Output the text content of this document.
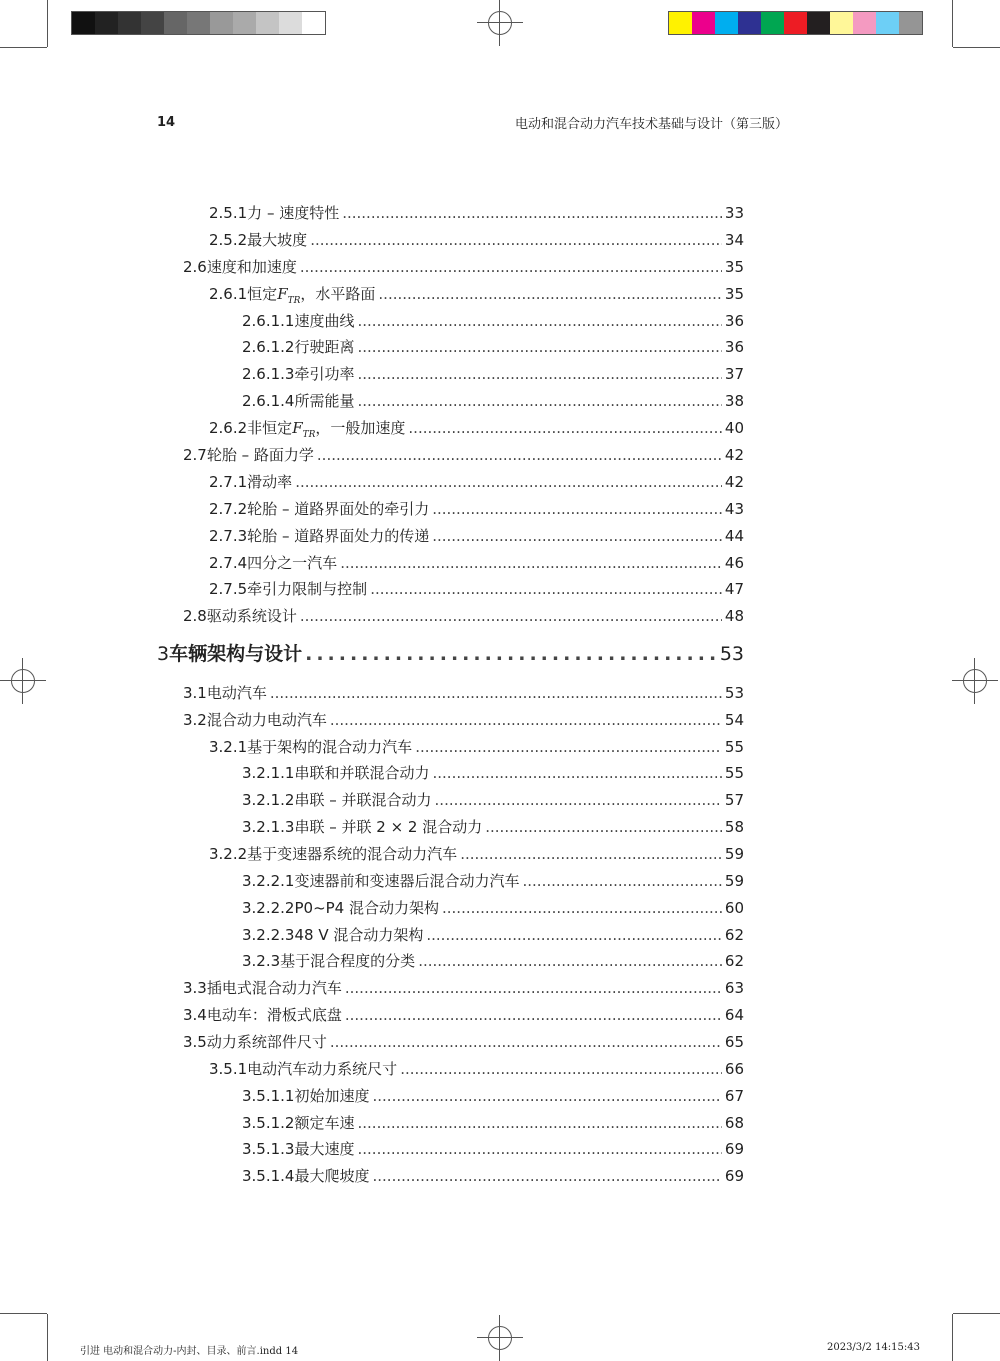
14	电动和混合动力汽车技术基础与设计（第三版）
2.5.1 力 – 速度特性 .....	33
2.5.2 最大坡度 .....	34
2.6 速度和加速度 .....	35
2.6.1 恒定$F_{TR}$，水平路面 .....	35
2.6.1.1 速度曲线 .....	36
2.6.1.2 行驶距离 .....	36
2.6.1.3 牵引功率 .....	37
2.6.1.4 所需能量 .....	38
2.6.2 非恒定$F_{TR}$，一般加速度 .....	40
2.7 轮胎 – 路面力学 .....	42
2.7.1 滑动率 .....	42
2.7.2 轮胎 – 道路界面处的牵引力 .....	43
2.7.3 轮胎 – 道路界面处力的传递 .....	44
2.7.4 四分之一汽车 .....	46
2.7.5 牵引力限制与控制 .....	47
2.8 驱动系统设计 .....	48
3 车辆架构与设计 .....	53
3.1 电动汽车 .....	53
3.2 混合动力电动汽车 .....	54
3.2.1 基于架构的混合动力汽车 .....	55
3.2.1.1 串联和并联混合动力 .....	55
3.2.1.2 串联 – 并联混合动力 .....	57
3.2.1.3 串联 – 并联 2 × 2 混合动力 .....	58
3.2.2 基于变速器系统的混合动力汽车 .....	59
3.2.2.1 变速器前和变速器后混合动力汽车 .....	59
3.2.2.2 P0~P4 混合动力架构 .....	60
3.2.2.3 48 V 混合动力架构 .....	62
3.2.3 基于混合程度的分类 .....	62
3.3 插电式混合动力汽车 .....	63
3.4 电动车：滑板式底盘 .....	64
3.5 动力系统部件尺寸 .....	65
3.5.1 电动汽车动力系统尺寸 .....	66
3.5.1.1 初始加速度 .....	67
3.5.1.2 额定车速 .....	68
3.5.1.3 最大速度 .....	69
3.5.1.4 最大爬坡度 .....	69
引进 电动和混合动力-内封、目录、前言.indd 14	2023/3/2 14:15:43
